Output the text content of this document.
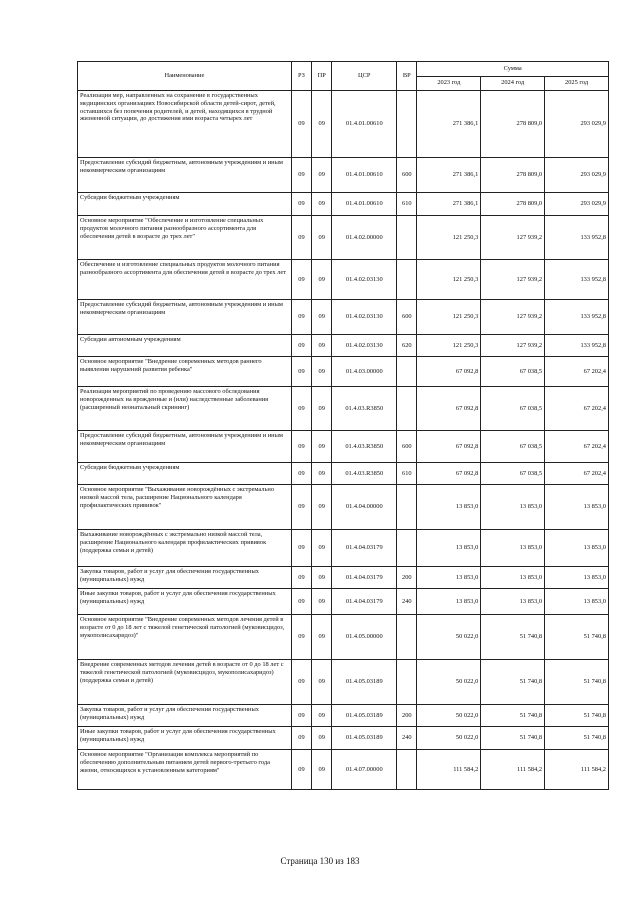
Наименование	РЗ	ПР	ЦСР	ВР	Сумма		
					2023 год	2024 год	2025 год
Реализация мер, направленных на сохранение в государственных медицинских организациях Новосибирской области детей-сирот, детей, оставшихся без попечения родителей, и детей, находящихся в трудной жизненной ситуации, до достижения ими возраста четырех лет	09	09	01.4.01.00610		271 386,1	278 809,0	293 029,9
Предоставление субсидий бюджетным, автономным учреждениям и иным некоммерческим организациям	09	09	01.4.01.00610	600	271 386,1	278 809,0	293 029,9
Субсидии бюджетным учреждениям	09	09	01.4.01.00610	610	271 386,1	278 809,0	293 029,9
Основное мероприятие "Обеспечение и изготовление специальных продуктов молочного питания разнообразного ассортимента для обеспечения детей в возрасте до трех лет"	09	09	01.4.02.00000		121 250,3	127 939,2	133 952,8
Обеспечение и изготовление специальных продуктов молочного питания разнообразного ассортимента для обеспечения детей в возрасте до трех лет	09	09	01.4.02.03130		121 250,3	127 939,2	133 952,8
Предоставление субсидий бюджетным, автономным учреждениям и иным некоммерческим организациям	09	09	01.4.02.03130	600	121 250,3	127 939,2	133 952,8
Субсидии автономным учреждениям	09	09	01.4.02.03130	620	121 250,3	127 939,2	133 952,8
Основное мероприятие "Внедрение современных методов раннего выявления нарушений развития ребенка"	09	09	01.4.03.00000		67 092,8	67 038,5	67 202,4
Реализация мероприятий по проведению массового обследования новорожденных на врожденные и (или) наследственные заболевания (расширенный неонатальный скрининг)	09	09	01.4.03.R3850		67 092,8	67 038,5	67 202,4
Предоставление субсидий бюджетным, автономным учреждениям и иным некоммерческим организациям	09	09	01.4.03.R3850	600	67 092,8	67 038,5	67 202,4
Субсидии бюджетным учреждениям	09	09	01.4.03.R3850	610	67 092,8	67 038,5	67 202,4
Основное мероприятие "Выхаживание новорождённых с экстремально низкой массой тела, расширение Национального календаря профилактических прививок"	09	09	01.4.04.00000		13 853,0	13 853,0	13 853,0
Выхаживание новорождённых с экстремально низкой массой тела, расширение Национального календаря профилактических прививок (поддержка семьи и детей)	09	09	01.4.04.03179		13 853,0	13 853,0	13 853,0
Закупка товаров, работ и услуг для обеспечения государственных (муниципальных) нужд	09	09	01.4.04.03179	200	13 853,0	13 853,0	13 853,0
Иные закупки товаров, работ и услуг для обеспечения государственных (муниципальных) нужд	09	09	01.4.04.03179	240	13 853,0	13 853,0	13 853,0
Основное мероприятие "Внедрение современных методов лечения детей в возрасте от 0 до 18 лет с тяжелой генетической патологией (муковисцидоз, мукополисахаридоз)"	09	09	01.4.05.00000		50 022,0	51 740,8	51 740,8
Внедрение современных методов лечения детей в возрасте от 0 до 18 лет с тяжелой генетической патологией (муковисцидоз, мукополисахаридоз) (поддержка семьи и детей)	09	09	01.4.05.03189		50 022,0	51 740,8	51 740,8
Закупка товаров, работ и услуг для обеспечения государственных (муниципальных) нужд	09	09	01.4.05.03189	200	50 022,0	51 740,8	51 740,8
Иные закупки товаров, работ и услуг для обеспечения государственных (муниципальных) нужд	09	09	01.4.05.03189	240	50 022,0	51 740,8	51 740,8
Основное мероприятие "Организация комплекса мероприятий по обеспечению дополнительным питанием детей первого-третьего года жизни, относящихся к установленным категориям"	09	09	01.4.07.00000		111 584,2	111 584,2	111 584,2
Страница 130 из 183
